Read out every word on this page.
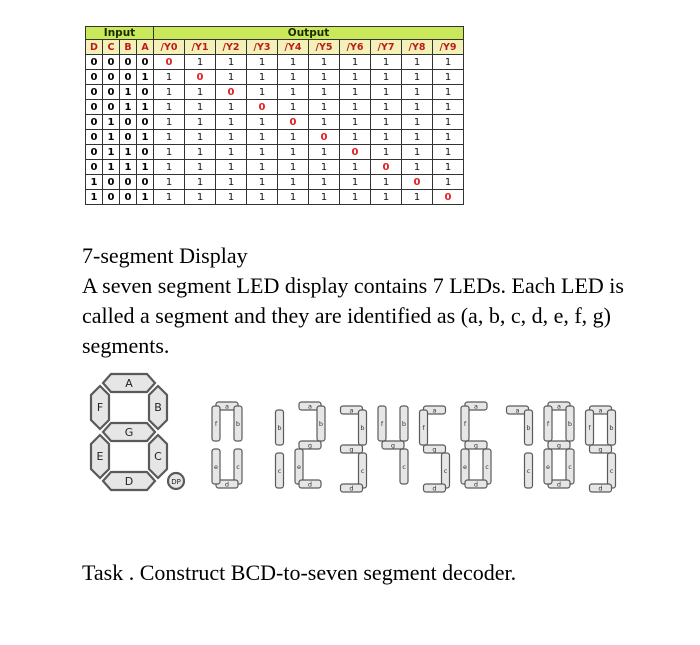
Input				Output									
D	C	B	A	/Y0	/Y1	/Y2	/Y3	/Y4	/Y5	/Y6	/Y7	/Y8	/Y9
0	0	0	0	0	1	1	1	1	1	1	1	1	1
0	0	0	1	1	0	1	1	1	1	1	1	1	1
0	0	1	0	1	1	0	1	1	1	1	1	1	1
0	0	1	1	1	1	1	0	1	1	1	1	1	1
0	1	0	0	1	1	1	1	0	1	1	1	1	1
0	1	0	1	1	1	1	1	1	0	1	1	1	1
0	1	1	0	1	1	1	1	1	1	0	1	1	1
0	1	1	1	1	1	1	1	1	1	1	0	1	1
1	0	0	0	1	1	1	1	1	1	1	1	0	1
1	0	0	1	1	1	1	1	1	1	1	1	1	0

7-segment Display

A seven segment LED display contains 7 LEDs. Each LED is called a segment and they are identified as (a, b, c, d, e, f, g) segments.

A
B
C
D
E
F
G
DP
a
b
c
d
e
f	b
c
a
b
g
e
d
a
b
g
c
d
f
g
b
c
a
f
g
c
d
a
f
g
e	c
d
a
b
c
a
b
c
d
e
f
g
a
b
c
d
f
g

Task . Construct BCD-to-seven segment decoder.
